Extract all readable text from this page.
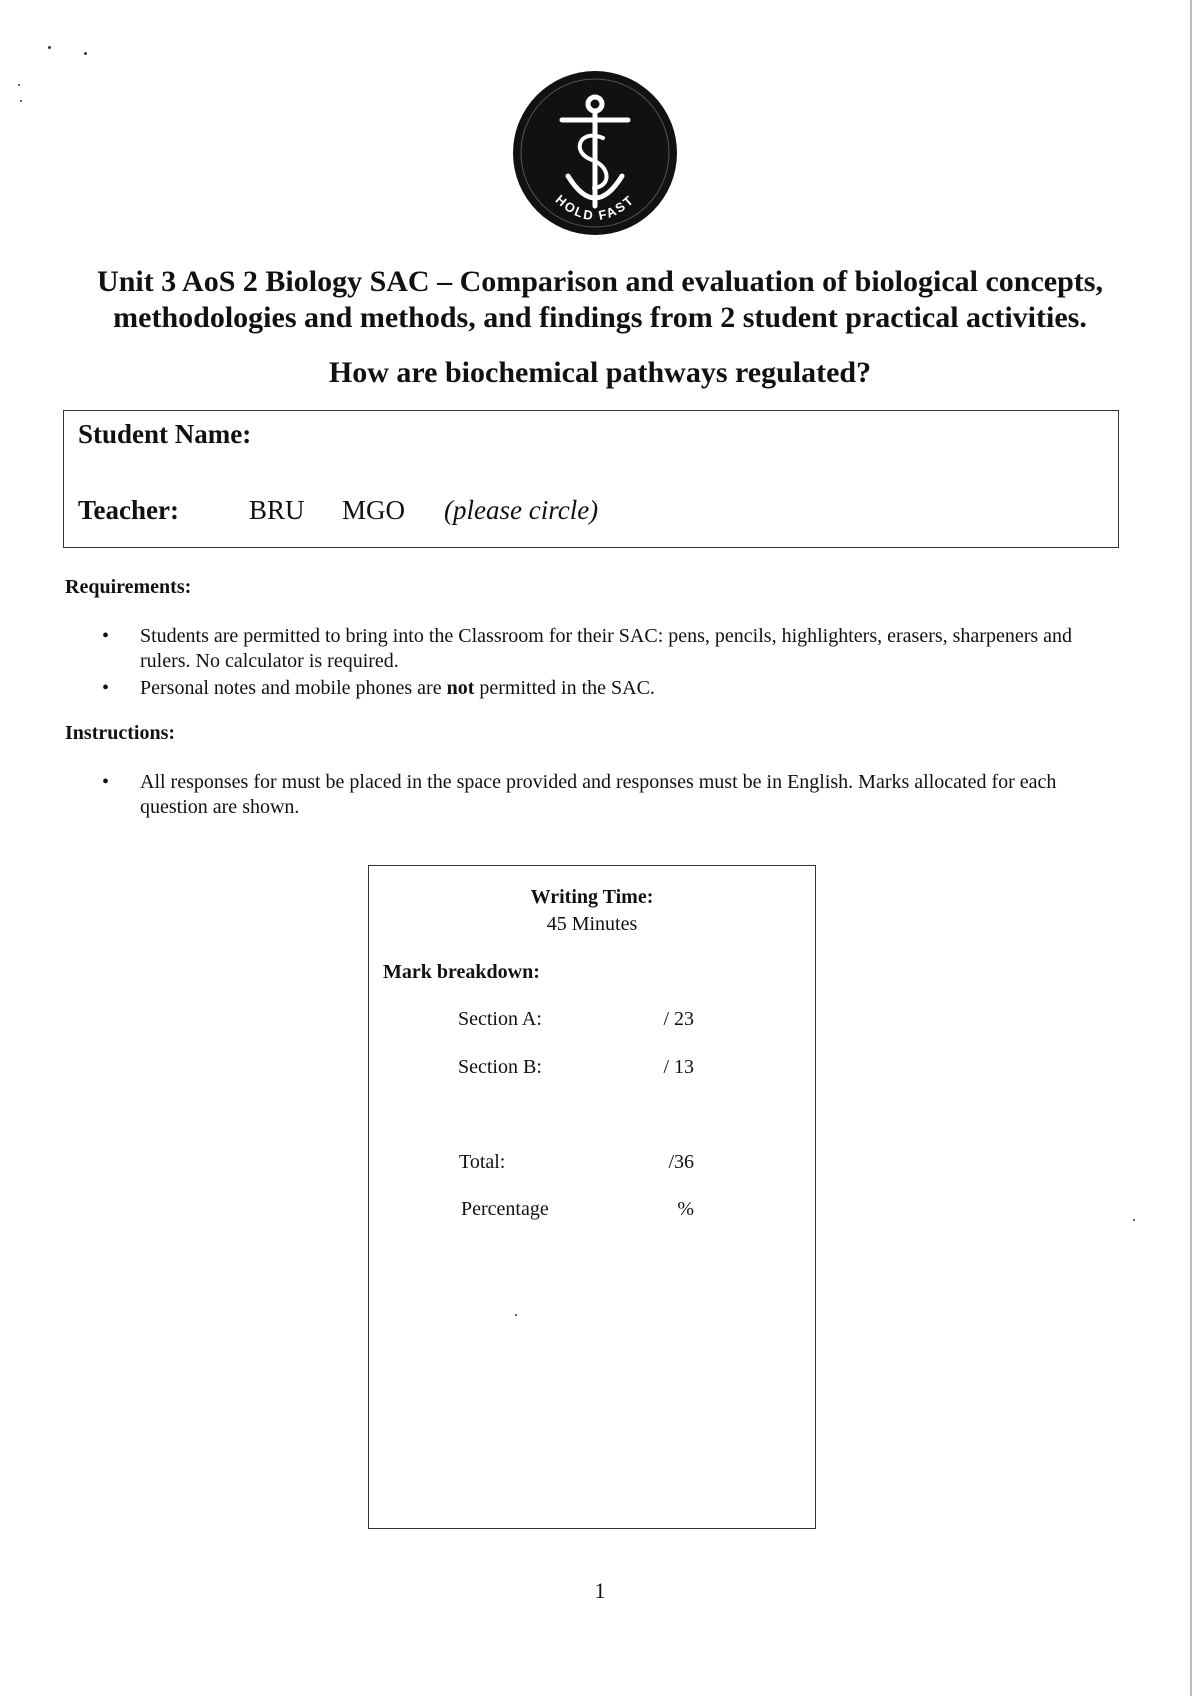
HOLD FAST
Unit 3 AoS 2 Biology SAC – Comparison and evaluation of biological concepts,
methodologies and methods, and findings from 2 student practical activities.
How are biochemical pathways regulated?
Student Name:
Teacher:	BRU MGO (please circle)
Requirements:
• Students are permitted to bring into the Classroom for their SAC: pens, pencils, highlighters, erasers, sharpeners and rulers. No calculator is required.
• Personal notes and mobile phones are not permitted in the SAC.
Instructions:
• All responses for must be placed in the space provided and responses must be in English. Marks allocated for each question are shown.
Writing Time:
45 Minutes
Mark breakdown:
Section A:	/ 23
Section B:	/ 13
Total:	/36
Percentage	%
1
